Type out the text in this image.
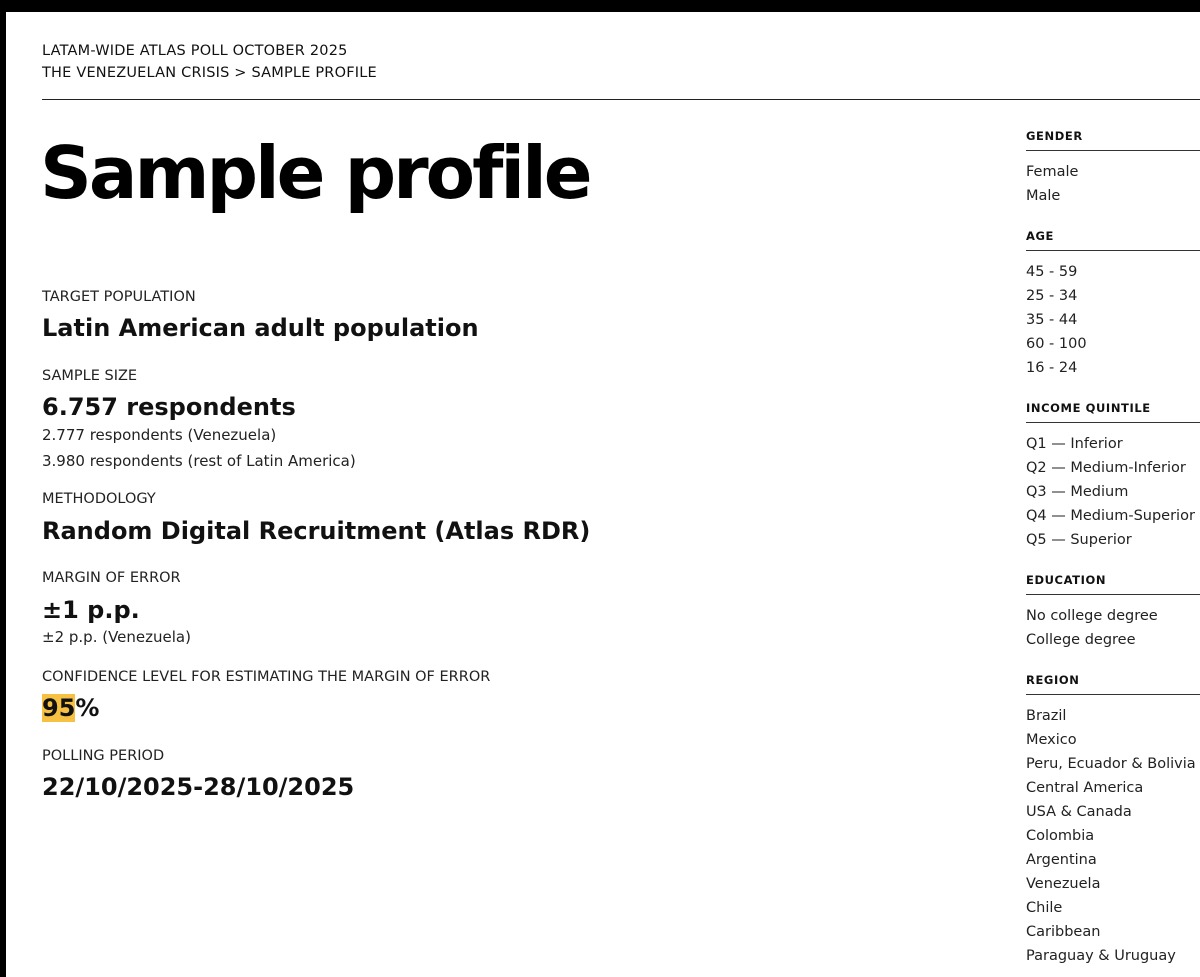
LATAM-WIDE ATLAS POLL OCTOBER 2025
THE VENEZUELAN CRISIS > SAMPLE PROFILE
Sample profile
TARGET POPULATION
Latin American adult population
SAMPLE SIZE
6.757 respondents
2.777 respondents (Venezuela)
3.980 respondents (rest of Latin America)
METHODOLOGY
Random Digital Recruitment (Atlas RDR)
MARGIN OF ERROR
±1 p.p.
±2 p.p. (Venezuela)
CONFIDENCE LEVEL FOR ESTIMATING THE MARGIN OF ERROR
95%
POLLING PERIOD
22/10/2025-28/10/2025
GENDER
Female
Male
AGE
45 - 59
25 - 34
35 - 44
60 - 100
16 - 24
INCOME QUINTILE
Q1 — Inferior
Q2 — Medium-Inferior
Q3 — Medium
Q4 — Medium-Superior
Q5 — Superior
EDUCATION
No college degree
College degree
REGION
Brazil
Mexico
Peru, Ecuador & Bolivia
Central America
USA & Canada
Colombia
Argentina
Venezuela
Chile
Caribbean
Paraguay & Uruguay
